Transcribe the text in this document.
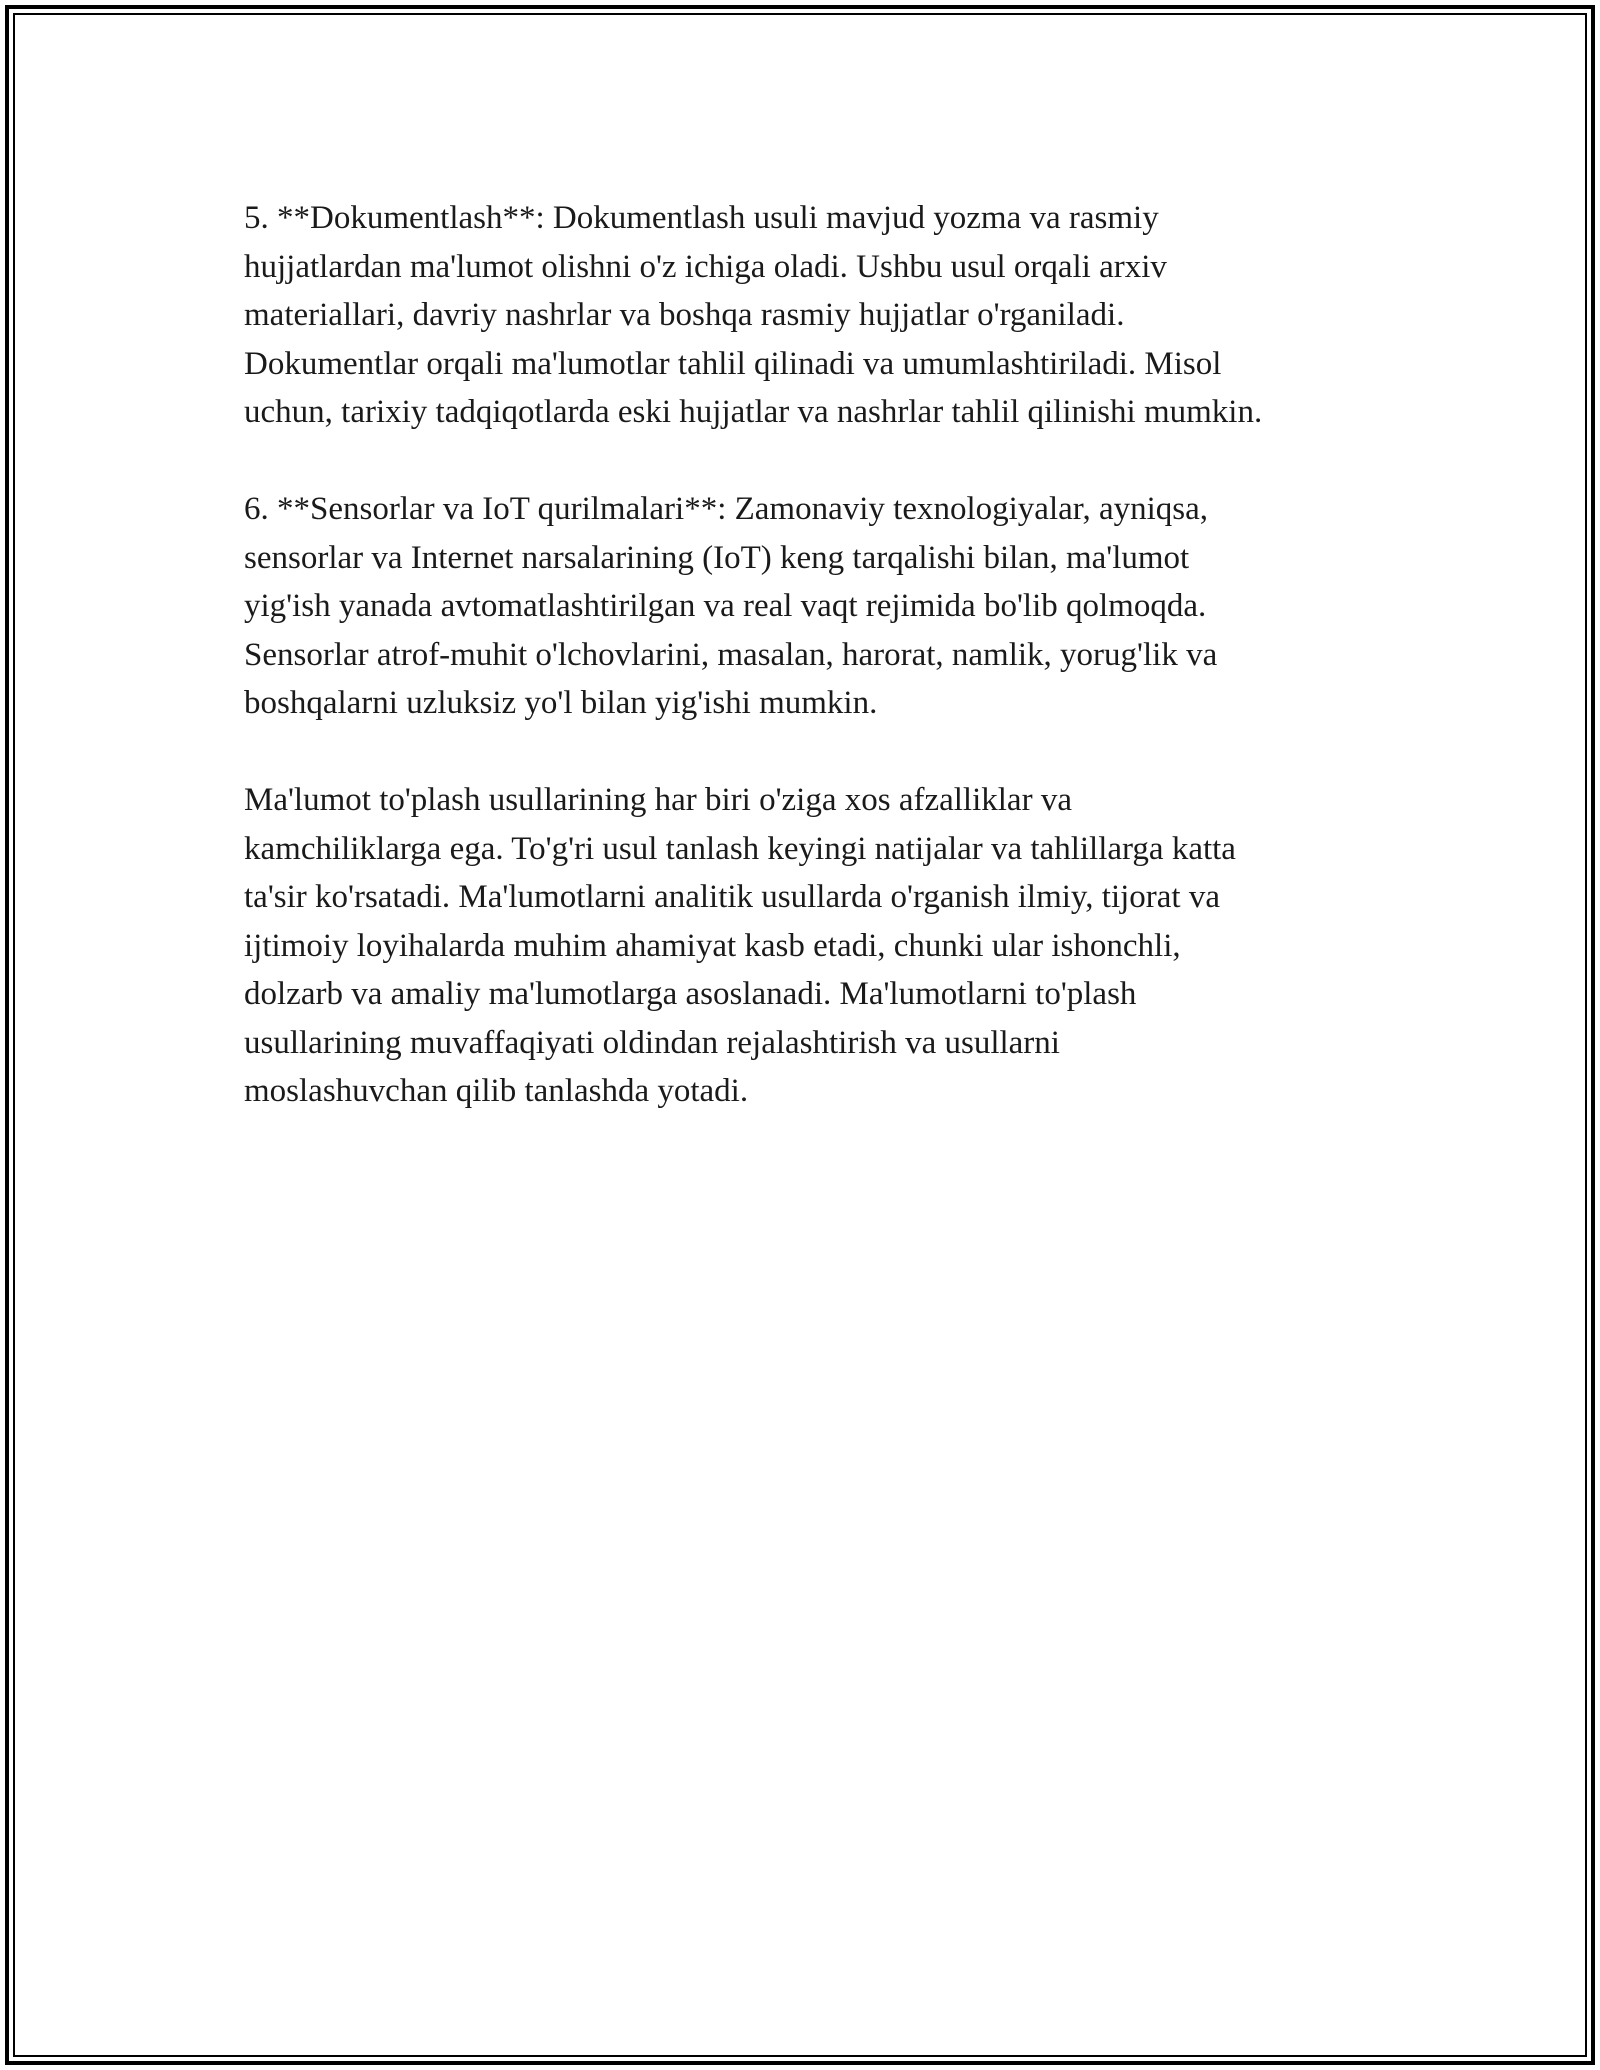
5. **Dokumentlash**: Dokumentlash usuli mavjud yozma va rasmiy
hujjatlardan ma'lumot olishni o'z ichiga oladi. Ushbu usul orqali arxiv
materiallari, davriy nashrlar va boshqa rasmiy hujjatlar o'rganiladi.
Dokumentlar orqali ma'lumotlar tahlil qilinadi va umumlashtiriladi. Misol
uchun, tarixiy tadqiqotlarda eski hujjatlar va nashrlar tahlil qilinishi mumkin.

6. **Sensorlar va IoT qurilmalari**: Zamonaviy texnologiyalar, ayniqsa,
sensorlar va Internet narsalarining (IoT) keng tarqalishi bilan, ma'lumot
yig'ish yanada avtomatlashtirilgan va real vaqt rejimida bo'lib qolmoqda.
Sensorlar atrof-muhit o'lchovlarini, masalan, harorat, namlik, yorug'lik va
boshqalarni uzluksiz yo'l bilan yig'ishi mumkin.

Ma'lumot to'plash usullarining har biri o'ziga xos afzalliklar va
kamchiliklarga ega. To'g'ri usul tanlash keyingi natijalar va tahlillarga katta
ta'sir ko'rsatadi. Ma'lumotlarni analitik usullarda o'rganish ilmiy, tijorat va
ijtimoiy loyihalarda muhim ahamiyat kasb etadi, chunki ular ishonchli,
dolzarb va amaliy ma'lumotlarga asoslanadi. Ma'lumotlarni to'plash
usullarining muvaffaqiyati oldindan rejalashtirish va usullarni
moslashuvchan qilib tanlashda yotadi.
